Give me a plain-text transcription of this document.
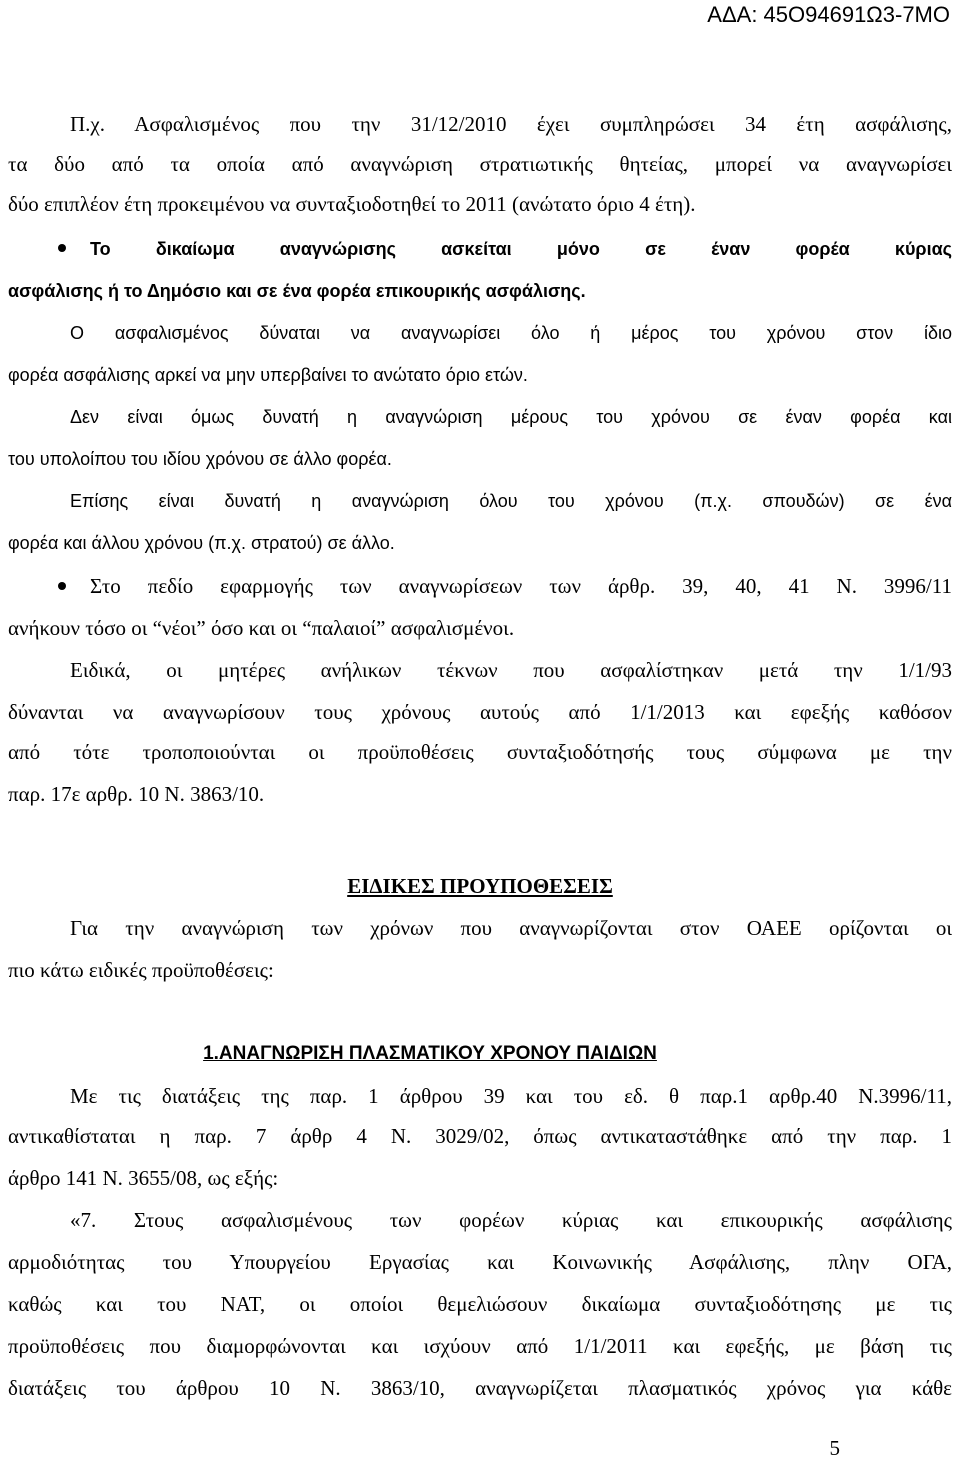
ΑΔΑ: 45Ο94691Ω3-7ΜΟ
Π.χ. Ασφαλισμένος που την 31/12/2010 έχει συμπληρώσει 34 έτη ασφάλισης,
τα δύο από τα οποία από αναγνώριση στρατιωτικής θητείας, μπορεί να αναγνωρίσει
δύο επιπλέον έτη προκειμένου να συνταξιοδοτηθεί το 2011 (ανώτατο όριο 4 έτη).
Το δικαίωμα αναγνώρισης ασκείται μόνο σε έναν φορέα κύριας
ασφάλισης ή το Δημόσιο και σε ένα φορέα επικουρικής ασφάλισης.
Ο ασφαλισμένος δύναται να αναγνωρίσει όλο ή μέρος του χρόνου στον ίδιο
φορέα ασφάλισης αρκεί να μην υπερβαίνει το ανώτατο όριο ετών.
Δεν είναι όμως δυνατή η αναγνώριση μέρους του χρόνου σε έναν φορέα και
του υπολοίπου του ιδίου χρόνου σε άλλο φορέα.
Επίσης είναι δυνατή η αναγνώριση όλου του χρόνου (π.χ. σπουδών) σε ένα
φορέα και άλλου χρόνου (π.χ. στρατού) σε άλλο.
Στο πεδίο εφαρμογής των αναγνωρίσεων των άρθρ. 39, 40, 41 Ν. 3996/11
ανήκουν τόσο οι “νέοι” όσο και οι “παλαιοί” ασφαλισμένοι.
Ειδικά, οι μητέρες ανήλικων τέκνων που ασφαλίστηκαν μετά την 1/1/93
δύνανται να αναγνωρίσουν τους χρόνους αυτούς από 1/1/2013 και εφεξής καθόσον
από τότε τροποποιούνται οι προϋποθέσεις συνταξιοδότησής τους σύμφωνα με την
παρ. 17ε αρθρ. 10 Ν. 3863/10.
ΕΙΔΙΚΕΣ ΠΡΟΥΠΟΘΕΣΕΙΣ
Για την αναγνώριση των χρόνων που αναγνωρίζονται στον ΟΑΕΕ ορίζονται οι
πιο κάτω ειδικές προϋποθέσεις:
1.ΑΝΑΓΝΩΡΙΣΗ ΠΛΑΣΜΑΤΙΚΟΥ ΧΡΟΝΟΥ ΠΑΙΔΙΩΝ
Με τις διατάξεις της παρ. 1 άρθρου 39 και του εδ. θ παρ.1 αρθρ.40 Ν.3996/11,
αντικαθίσταται η παρ. 7 άρθρ 4 Ν. 3029/02, όπως αντικαταστάθηκε από την παρ. 1
άρθρο 141 Ν. 3655/08, ως εξής:
«7. Στους ασφαλισμένους των φορέων κύριας και επικουρικής ασφάλισης
αρμοδιότητας του Υπουργείου Εργασίας και Κοινωνικής Ασφάλισης, πλην ΟΓΑ,
καθώς και του ΝΑΤ, οι οποίοι θεμελιώσουν δικαίωμα συνταξιοδότησης με τις
προϋποθέσεις που διαμορφώνονται και ισχύουν από 1/1/2011 και εφεξής, με βάση τις
διατάξεις του άρθρου 10 Ν. 3863/10, αναγνωρίζεται πλασματικός χρόνος για κάθε
5
